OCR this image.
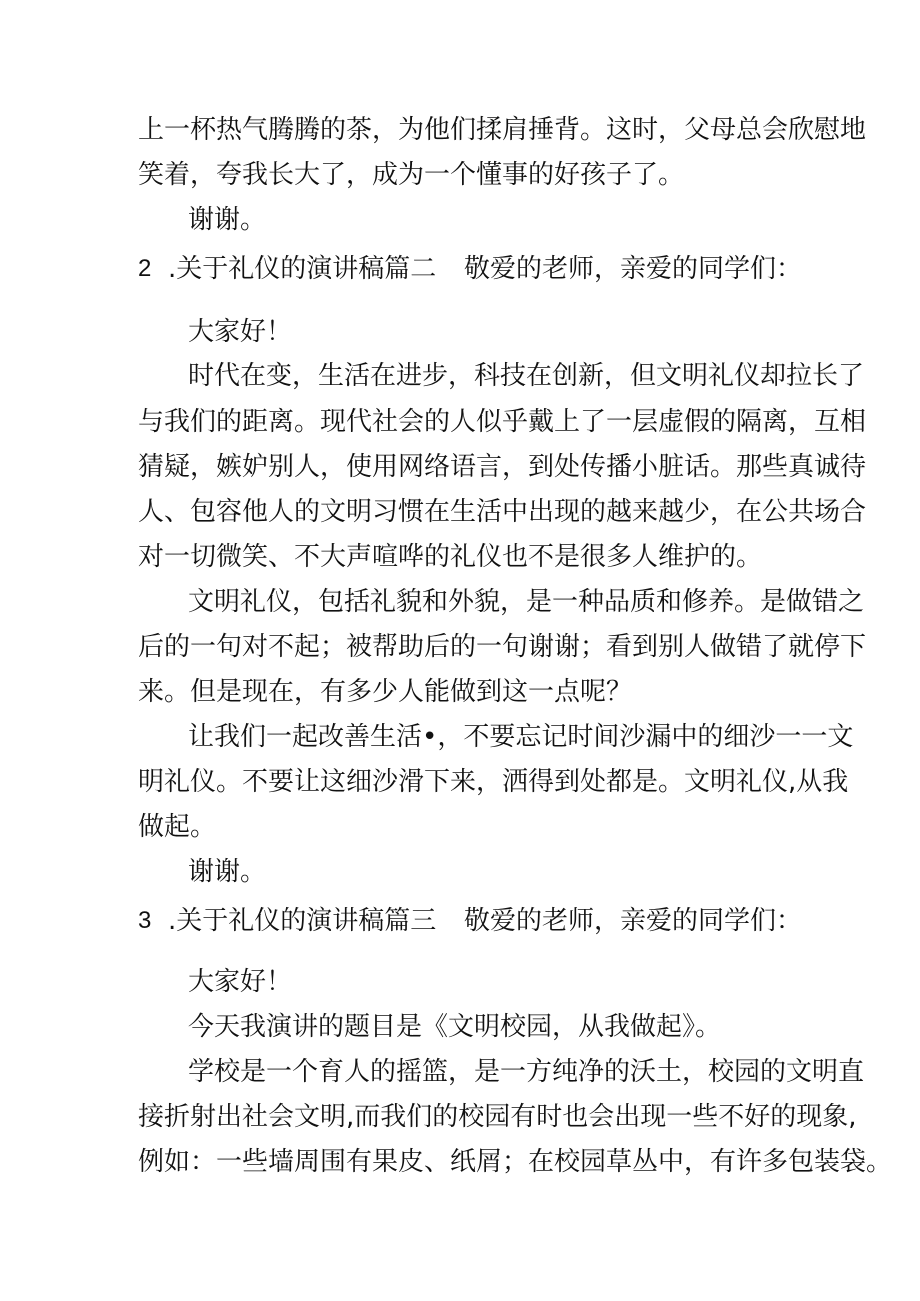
上一杯热气腾腾的茶，为他们揉肩捶背。这时，父母总会欣慰地
笑着，夸我长大了，成为一个懂事的好孩子了。
谢谢。
2 .关于礼仪的演讲稿篇二 敬爱的老师，亲爱的同学们：
大家好！
时代在变，生活在进步，科技在创新，但文明礼仪却拉长了
与我们的距离。现代社会的人似乎戴上了一层虚假的隔离，互相
猜疑，嫉妒别人，使用网络语言，到处传播小脏话。那些真诚待
人、包容他人的文明习惯在生活中出现的越来越少，在公共场合
对一切微笑、不大声喧哗的礼仪也不是很多人维护的。
文明礼仪，包括礼貌和外貌，是一种品质和修养。是做错之
后的一句对不起；被帮助后的一句谢谢；看到别人做错了就停下
来。但是现在，有多少人能做到这一点呢？
让我们一起改善生活•，不要忘记时间沙漏中的细沙一一文
明礼仪。不要让这细沙滑下来，洒得到处都是。文明礼仪,从我
做起。
谢谢。
3 .关于礼仪的演讲稿篇三 敬爱的老师，亲爱的同学们：
大家好！
今天我演讲的题目是《文明校园，从我做起》。
学校是一个育人的摇篮，是一方纯净的沃土，校园的文明直
接折射出社会文明,而我们的校园有时也会出现一些不好的现象,
例如：一些墙周围有果皮、纸屑；在校园草丛中，有许多包装袋。
